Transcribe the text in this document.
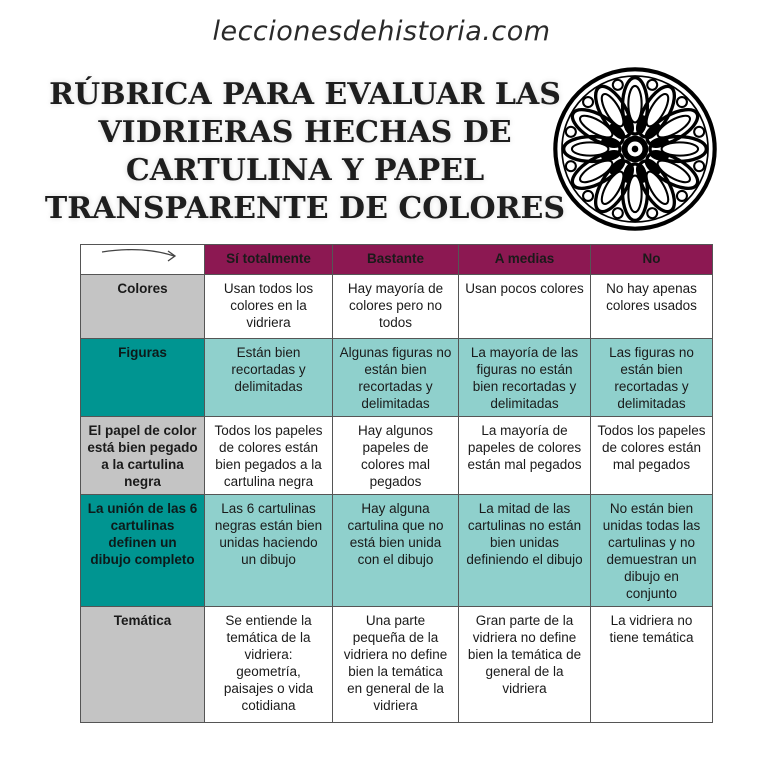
leccionesdehistoria.com
RÚBRICA PARA EVALUAR LAS
VIDRIERAS HECHAS DE
CARTULINA Y PAPEL
TRANSPARENTE DE COLORES
	Sí totalmente	Bastante	A medias	No
Colores	Usan todos los colores en la vidriera	Hay mayoría de colores pero no todos	Usan pocos colores	No hay apenas colores usados
Figuras	Están bien recortadas y delimitadas	Algunas figuras no están bien recortadas y delimitadas	La mayoría de las figuras no están bien recortadas y delimitadas	Las figuras no están bien recortadas y delimitadas
El papel de color está bien pegado a la cartulina negra	Todos los papeles de colores están bien pegados a la cartulina negra	Hay algunos papeles de colores mal pegados	La mayoría de papeles de colores están mal pegados	Todos los papeles de colores están mal pegados
La unión de las 6 cartulinas definen un dibujo completo	Las 6 cartulinas negras están bien unidas haciendo un dibujo	Hay alguna cartulina que no está bien unida con el dibujo	La mitad de las cartulinas no están bien unidas definiendo el dibujo	No están bien unidas todas las cartulinas y no demuestran un dibujo en conjunto
Temática	Se entiende la temática de la vidriera: geometría, paisajes o vida cotidiana	Una parte pequeña de la vidriera no define bien la temática en general de la vidriera	Gran parte de la vidriera no define bien la temática de general de la vidriera	La vidriera no tiene temática
